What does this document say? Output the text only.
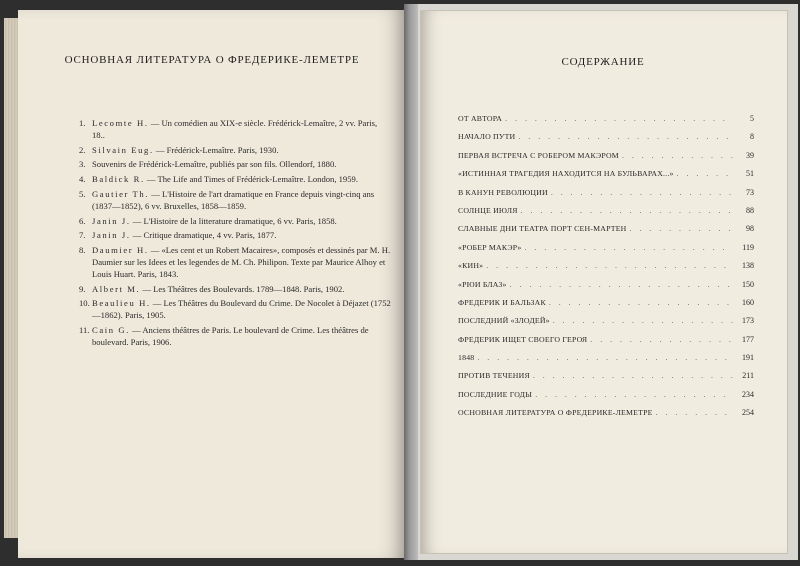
ОСНОВНАЯ ЛИТЕРАТУРА О ФРЕДЕРИКЕ-ЛЕМЕТРЕ
1. Lecomte H. — Un comédien au XIX-e siècle. Frédérick-Lemaître, 2 vv. Paris, 18..
2. Silvain Eug. — Frédérick-Lemaître. Paris, 1930.
3. Souvenirs de Frédérick-Lemaître, publiés par son fils. Ollendorf, 1880.
4. Baldick R. — The Life and Times of Frédérick-Lemaître. London, 1959.
5. Gautier Th. — L'Histoire de l'art dramatique en France depuis vingt-cinq ans (1837—1852), 6 vv. Bruxelles, 1858—1859.
6. Janin J. — L'Histoire de la litterature dramatique, 6 vv. Paris, 1858.
7. Janin J. — Critique dramatique, 4 vv. Paris, 1877.
8. Daumier H. — «Les cent et un Robert Macaires», composés et dessinés par M. H. Daumier sur les Idees et les legendes de M. Ch. Philipon. Texte par Maurice Alhoy et Louis Huart. Paris, 1843.
9. Albert M. — Les Théâtres des Boulevards. 1789—1848. Paris, 1902.
10. Beaulieu H. — Les Théâtres du Boulevard du Crime. De Nocolet à Déjazet (1752—1862). Paris, 1905.
11. Cain G. — Anciens théâtres de Paris. Le boulevard de Crime. Les théâtres de boulevard. Paris, 1906.
СОДЕРЖАНИЕ
ОТ АВТОРА . . .	5
НАЧАЛО ПУТИ . . .	8
ПЕРВАЯ ВСТРЕЧА С РОБЕРОМ МАКЭРОМ . . .	39
«ИСТИННАЯ ТРАГЕДИЯ НАХОДИТСЯ НА БУЛЬВАРАХ...» . . .	51
В КАНУН РЕВОЛЮЦИИ . . .	73
СОЛНЦЕ ИЮЛЯ . . .	88
СЛАВНЫЕ ДНИ ТЕАТРА ПОРТ СЕН-МАРТЕН . . .	98
«РОБЕР МАКЭР» . . .	119
«КИН» . . .	138
«РЮИ БЛАЗ» . . .	150
ФРЕДЕРИК И БАЛЬЗАК . . .	160
ПОСЛЕДНИЙ «ЗЛОДЕЙ» . . .	173
ФРЕДЕРИК ИЩЕТ СВОЕГО ГЕРОЯ . . .	177
1848 . . .	191
ПРОТИВ ТЕЧЕНИЯ . . .	211
ПОСЛЕДНИЕ ГОДЫ . . .	234
ОСНОВНАЯ ЛИТЕРАТУРА О ФРЕДЕРИКЕ-ЛЕМЕТРЕ . . .	254
